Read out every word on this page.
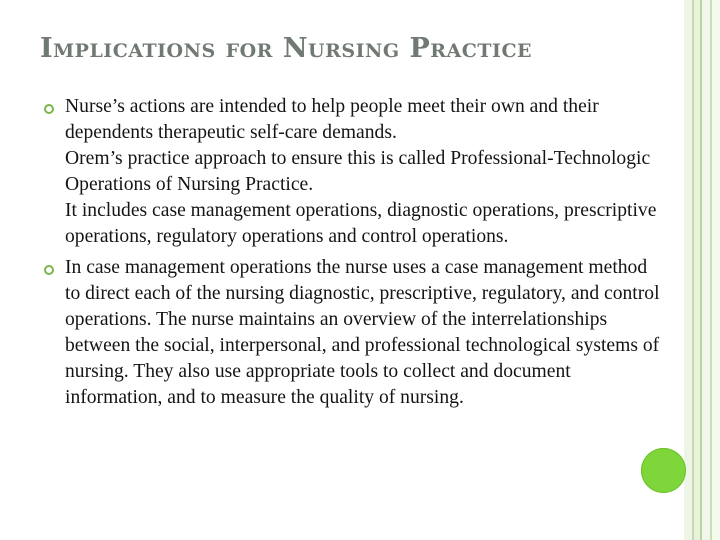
Implications for Nursing Practice
Nurse’s actions are intended to help people meet their own and their dependents therapeutic self-care demands.
Orem’s practice approach to ensure this is called Professional-Technologic Operations of Nursing Practice.
It includes case management operations, diagnostic operations, prescriptive operations, regulatory operations and control operations.
In case management operations the nurse uses a case management method to direct each of the nursing diagnostic, prescriptive, regulatory, and control operations. The nurse maintains an overview of the interrelationships between the social, interpersonal, and professional technological systems of nursing. They also use appropriate tools to collect and document information, and to measure the quality of nursing.
